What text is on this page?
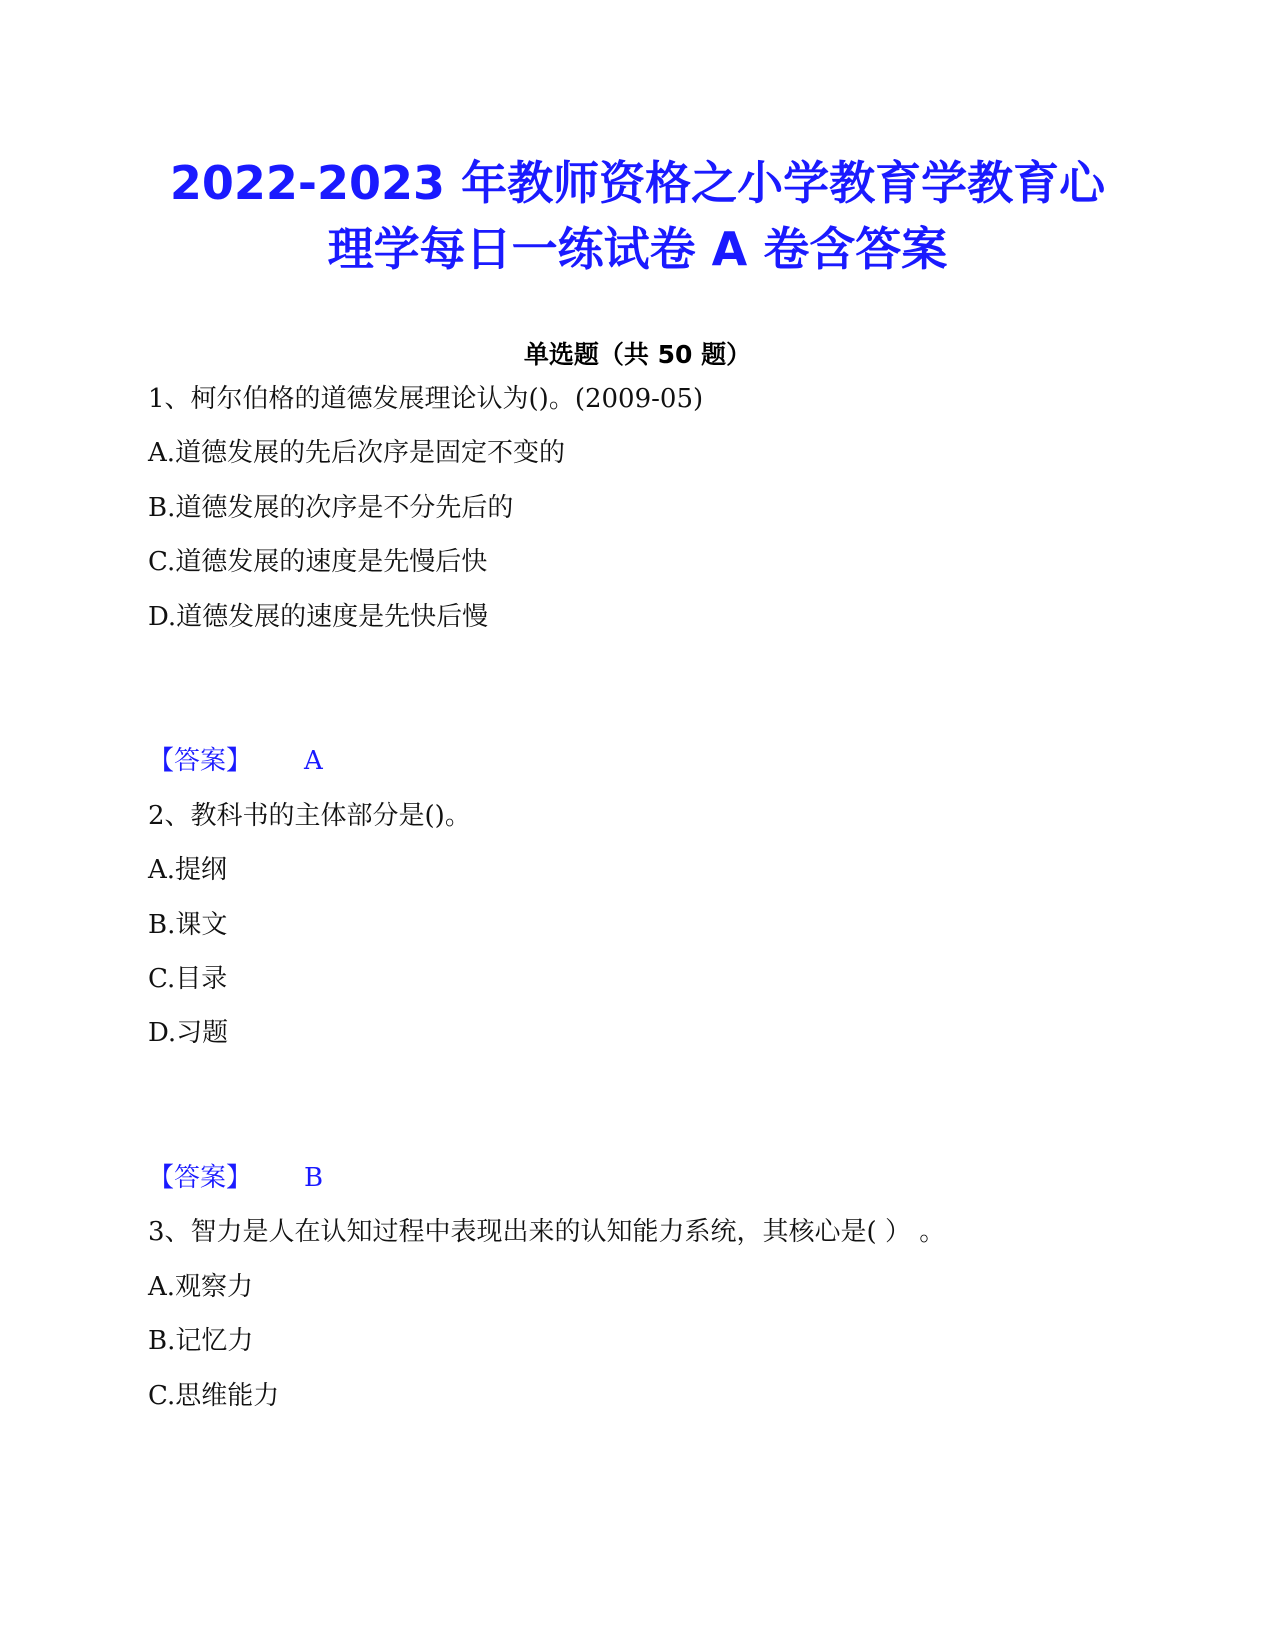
2022-2023 年教师资格之小学教育学教育心
理学每日一练试卷 A 卷含答案
单选题（共 50 题）

1、柯尔伯格的道德发展理论认为()。(2009-05)

A.道德发展的先后次序是固定不变的

B.道德发展的次序是不分先后的

C.道德发展的速度是先慢后快

D.道德发展的速度是先快后慢

【答案】 A

2、教科书的主体部分是()。

A.提纲

B.课文

C.目录

D.习题

【答案】 B

3、智力是人在认知过程中表现出来的认知能力系统，其核心是( ） 。

A.观察力

B.记忆力

C.思维能力
